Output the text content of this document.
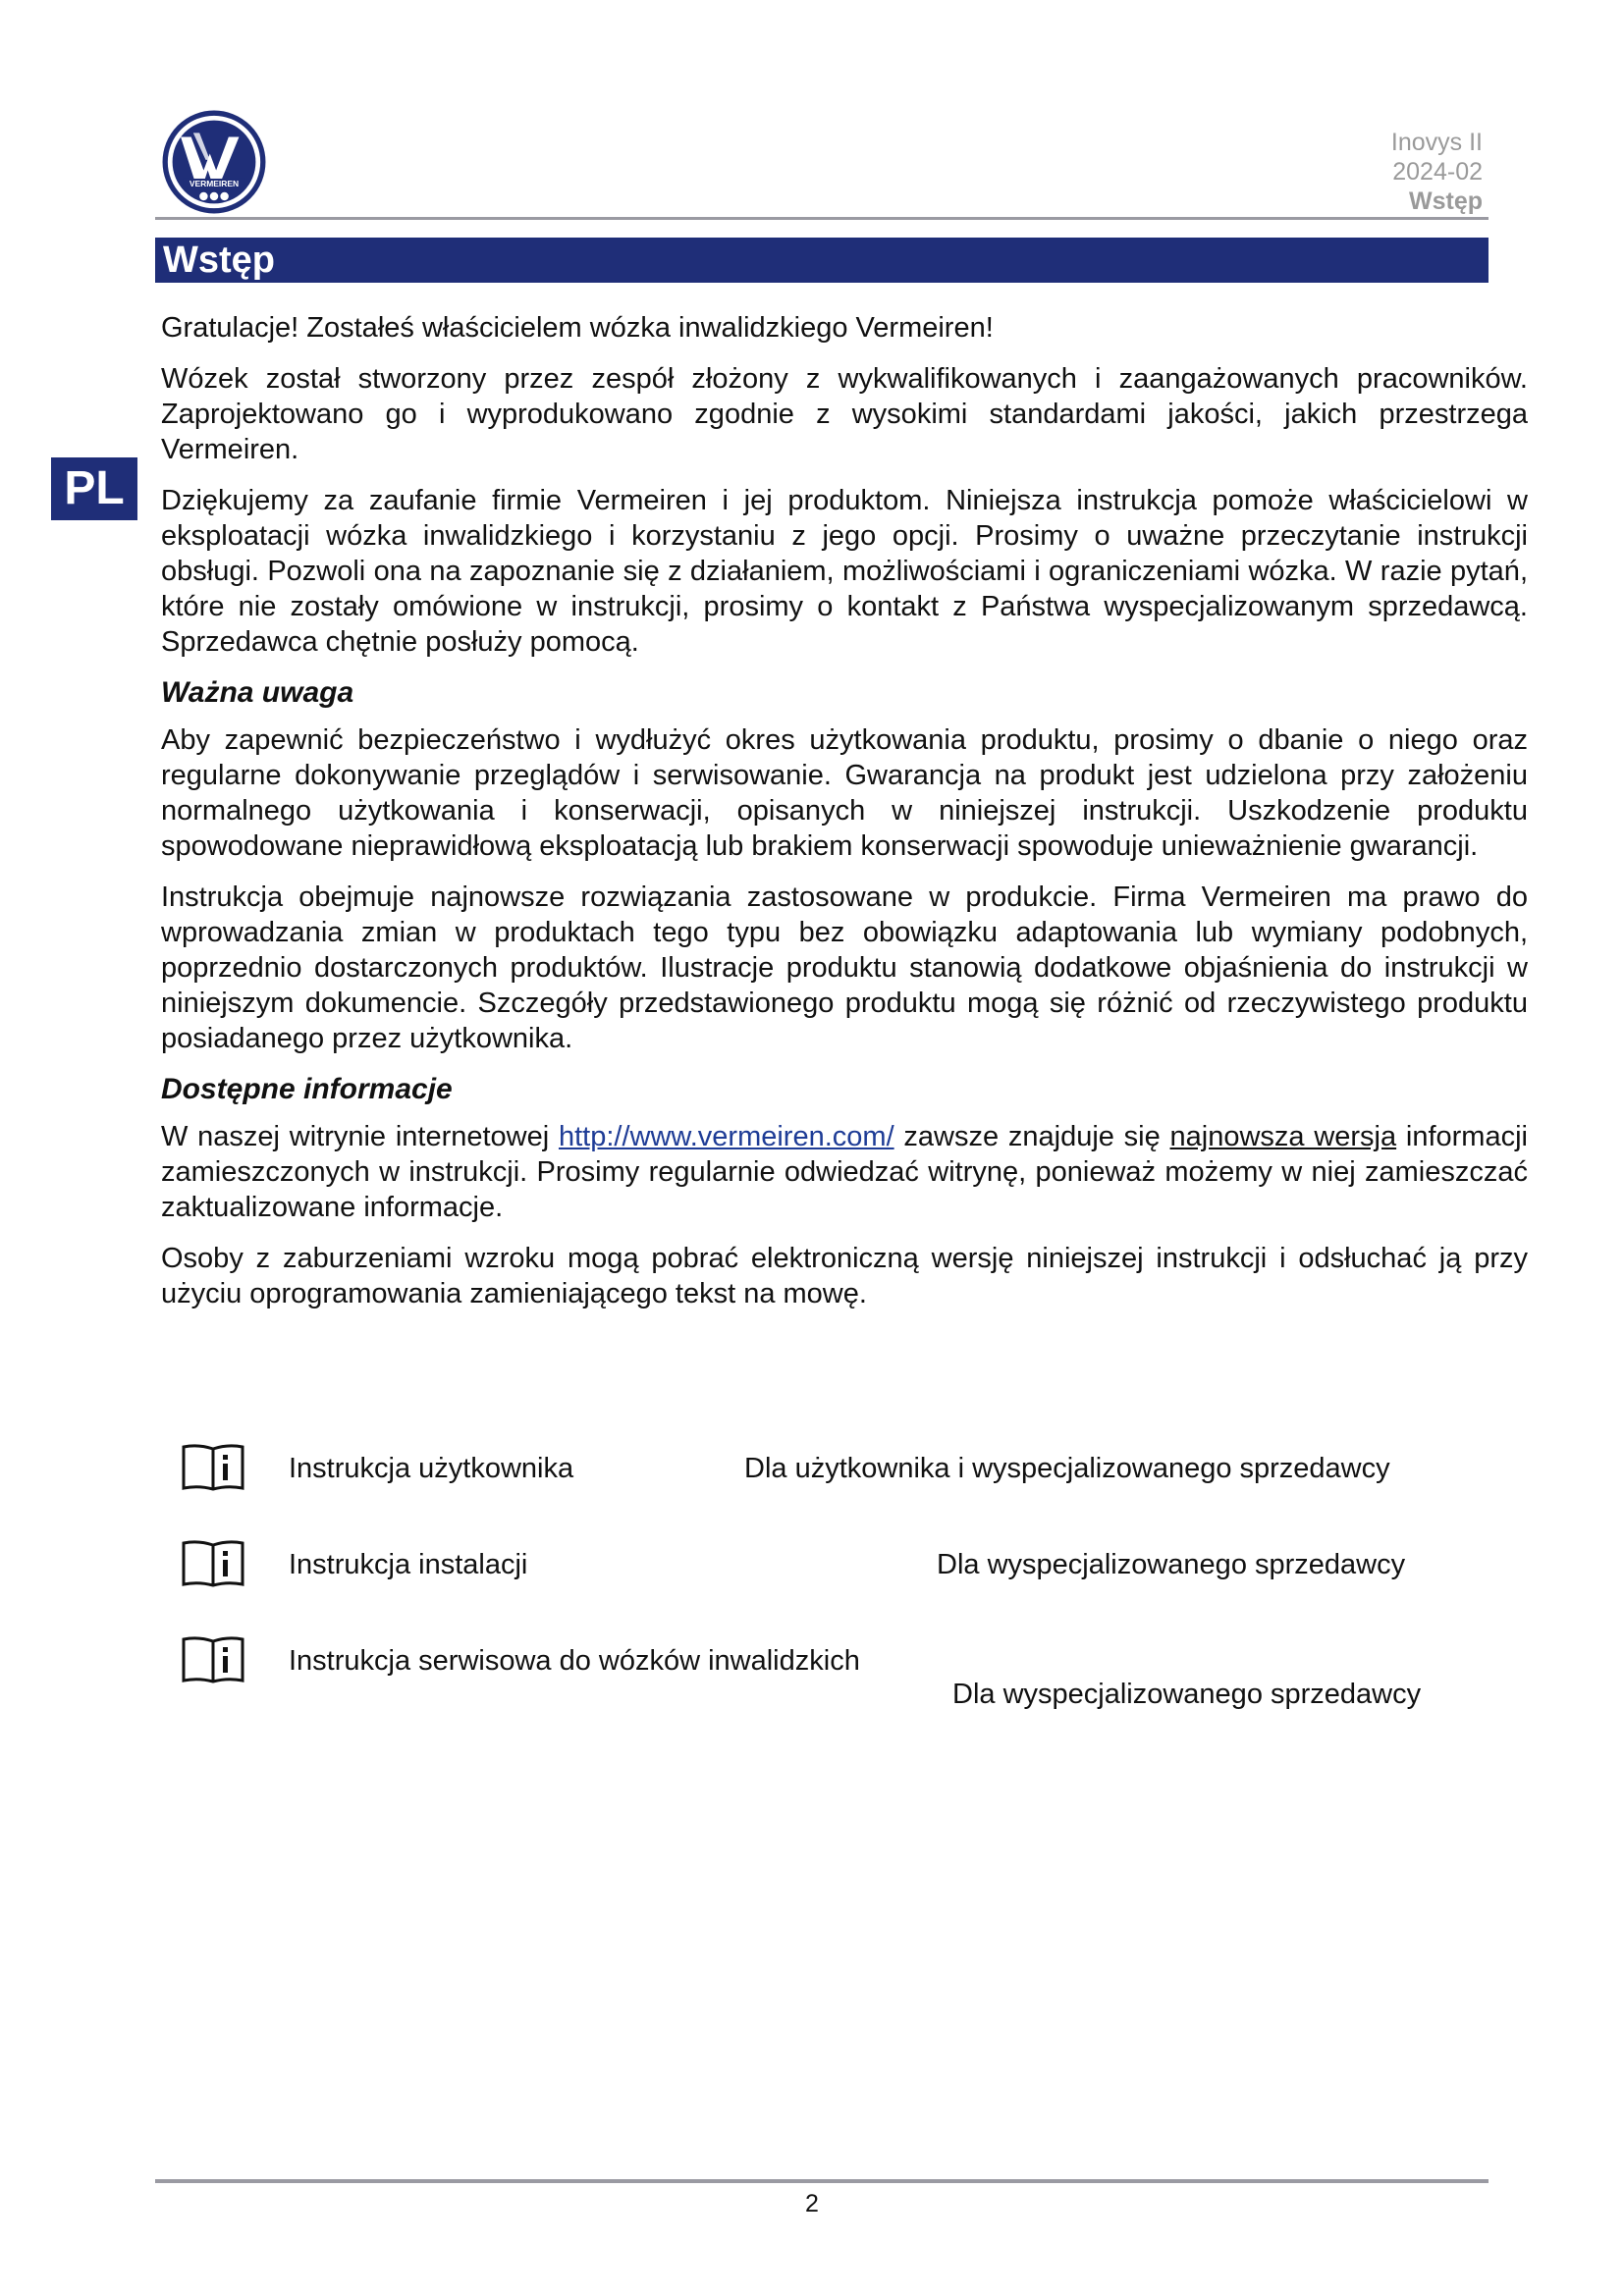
VERMEIREN
Inovys II
2024-02
Wstęp
Wstęp
PL

Gratulacje! Zostałeś właścicielem wózka inwalidzkiego Vermeiren!

Wózek został stworzony przez zespół złożony z wykwalifikowanych i zaangażowanych pracowników. Zaprojektowano go i wyprodukowano zgodnie z wysokimi standardami jakości, jakich przestrzega Vermeiren.

Dziękujemy za zaufanie firmie Vermeiren i jej produktom. Niniejsza instrukcja pomoże właścicielowi w eksploatacji wózka inwalidzkiego i korzystaniu z jego opcji. Prosimy o uważne przeczytanie instrukcji obsługi. Pozwoli ona na zapoznanie się z działaniem, możliwościami i ograniczeniami wózka. W razie pytań, które nie zostały omówione w instrukcji, prosimy o kontakt z Państwa wyspecjalizowanym sprzedawcą. Sprzedawca chętnie posłuży pomocą.

Ważna uwaga

Aby zapewnić bezpieczeństwo i wydłużyć okres użytkowania produktu, prosimy o dbanie o niego oraz regularne dokonywanie przeglądów i serwisowanie. Gwarancja na produkt jest udzielona przy założeniu normalnego użytkowania i konserwacji, opisanych w niniejszej instrukcji. Uszkodzenie produktu spowodowane nieprawidłową eksploatacją lub brakiem konserwacji spowoduje unieważnienie gwarancji.

Instrukcja obejmuje najnowsze rozwiązania zastosowane w produkcie. Firma Vermeiren ma prawo do wprowadzania zmian w produktach tego typu bez obowiązku adaptowania lub wymiany podobnych, poprzednio dostarczonych produktów. Ilustracje produktu stanowią dodatkowe objaśnienia do instrukcji w niniejszym dokumencie. Szczegóły przedstawionego produktu mogą się różnić od rzeczywistego produktu posiadanego przez użytkownika.

Dostępne informacje

W naszej witrynie internetowej http://www.vermeiren.com/ zawsze znajduje się najnowsza wersja informacji zamieszczonych w instrukcji. Prosimy regularnie odwiedzać witrynę, ponieważ możemy w niej zamieszczać zaktualizowane informacje.

Osoby z zaburzeniami wzroku mogą pobrać elektroniczną wersję niniejszej instrukcji i odsłuchać ją przy użyciu oprogramowania zamieniającego tekst na mowę.

Instrukcja użytkownika	Dla użytkownika i wyspecjalizowanego sprzedawcy
Instrukcja instalacji	Dla wyspecjalizowanego sprzedawcy
Instrukcja serwisowa do wózków inwalidzkich
Dla wyspecjalizowanego sprzedawcy
2
